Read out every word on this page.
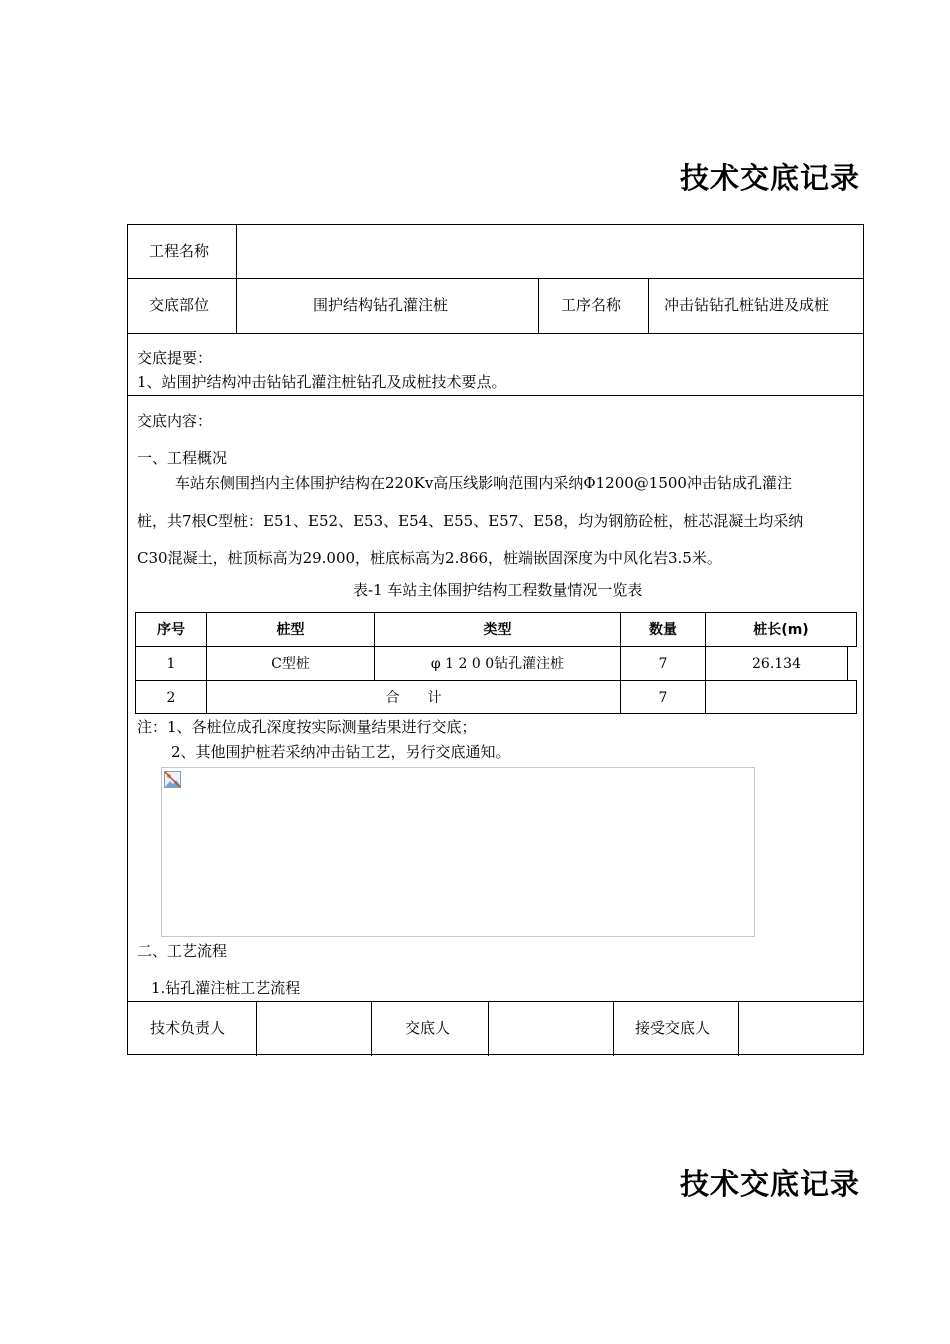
技术交底记录
工程名称
交底部位	围护结构钻孔灌注桩	工序名称	冲击钻钻孔桩钻进及成桩
技术负责人	交底人	接受交底人
交底提要：
1、站围护结构冲击钻钻孔灌注桩钻孔及成桩技术要点。
交底内容：
一、工程概况
车站东侧围挡内主体围护结构在220Kv高压线影响范围内采纳Φ1200@1500冲击钻成孔灌注
桩，共7根C型桩：E51、E52、E53、E54、E55、E57、E58，均为钢筋砼桩，桩芯混凝土均采纳
C30混凝土，桩顶标高为29.000，桩底标高为2.866，桩端嵌固深度为中风化岩3.5米。
表-1 车站主体围护结构工程数量情况一览表
序号	桩型	类型	数量	桩长(m)
1	C型桩	φ 1 2 0 0钻孔灌注桩	7	26.134
2	合　　计	7
注：1、各桩位成孔深度按实际测量结果进行交底；
2、其他围护桩若采纳冲击钻工艺，另行交底通知。
二、工艺流程
1.钻孔灌注桩工艺流程
技术交底记录
